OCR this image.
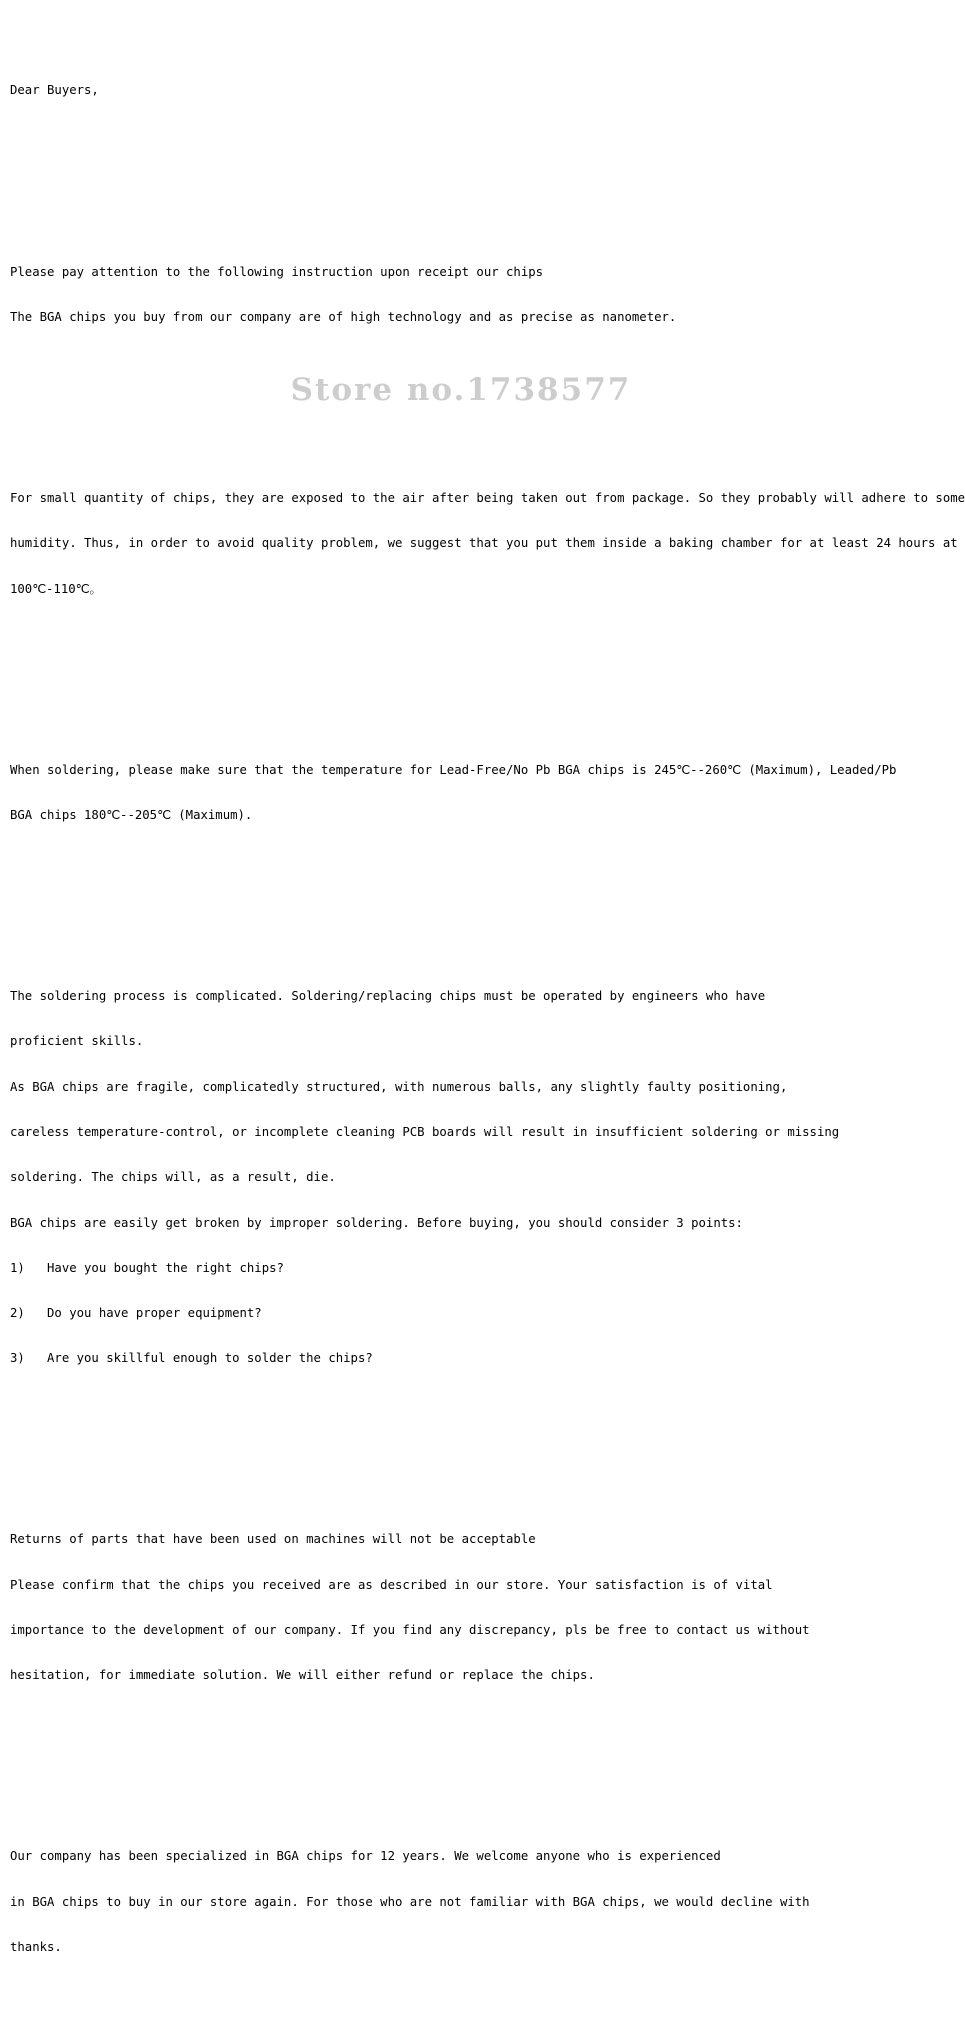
Dear Buyers,

Please pay attention to the following instruction upon receipt our chips

The BGA chips you buy from our company are of high technology and as precise as nanometer.

For small quantity of chips, they are exposed to the air after being taken out from package. So they probably will adhere to some

humidity. Thus, in order to avoid quality problem, we suggest that you put them inside a baking chamber for at least 24 hours at

100℃-110℃。

When soldering, please make sure that the temperature for Lead-Free/No Pb BGA chips is 245℃--260℃ (Maximum), Leaded/Pb

BGA chips 180℃--205℃ (Maximum).

The soldering process is complicated. Soldering/replacing chips must be operated by engineers who have

proficient skills.

As BGA chips are fragile, complicatedly structured, with numerous balls, any slightly faulty positioning,

careless temperature-control, or incomplete cleaning PCB boards will result in insufficient soldering or missing

soldering. The chips will, as a result, die.

BGA chips are easily get broken by improper soldering. Before buying, you should consider 3 points:

1)   Have you bought the right chips?

2)   Do you have proper equipment?

3)   Are you skillful enough to solder the chips?

Returns of parts that have been used on machines will not be acceptable

Please confirm that the chips you received are as described in our store. Your satisfaction is of vital

importance to the development of our company. If you find any discrepancy, pls be free to contact us without

hesitation, for immediate solution. We will either refund or replace the chips.

Our company has been specialized in BGA chips for 12 years. We welcome anyone who is experienced

in BGA chips to buy in our store again. For those who are not familiar with BGA chips, we would decline with

thanks.

Store no.1738577
